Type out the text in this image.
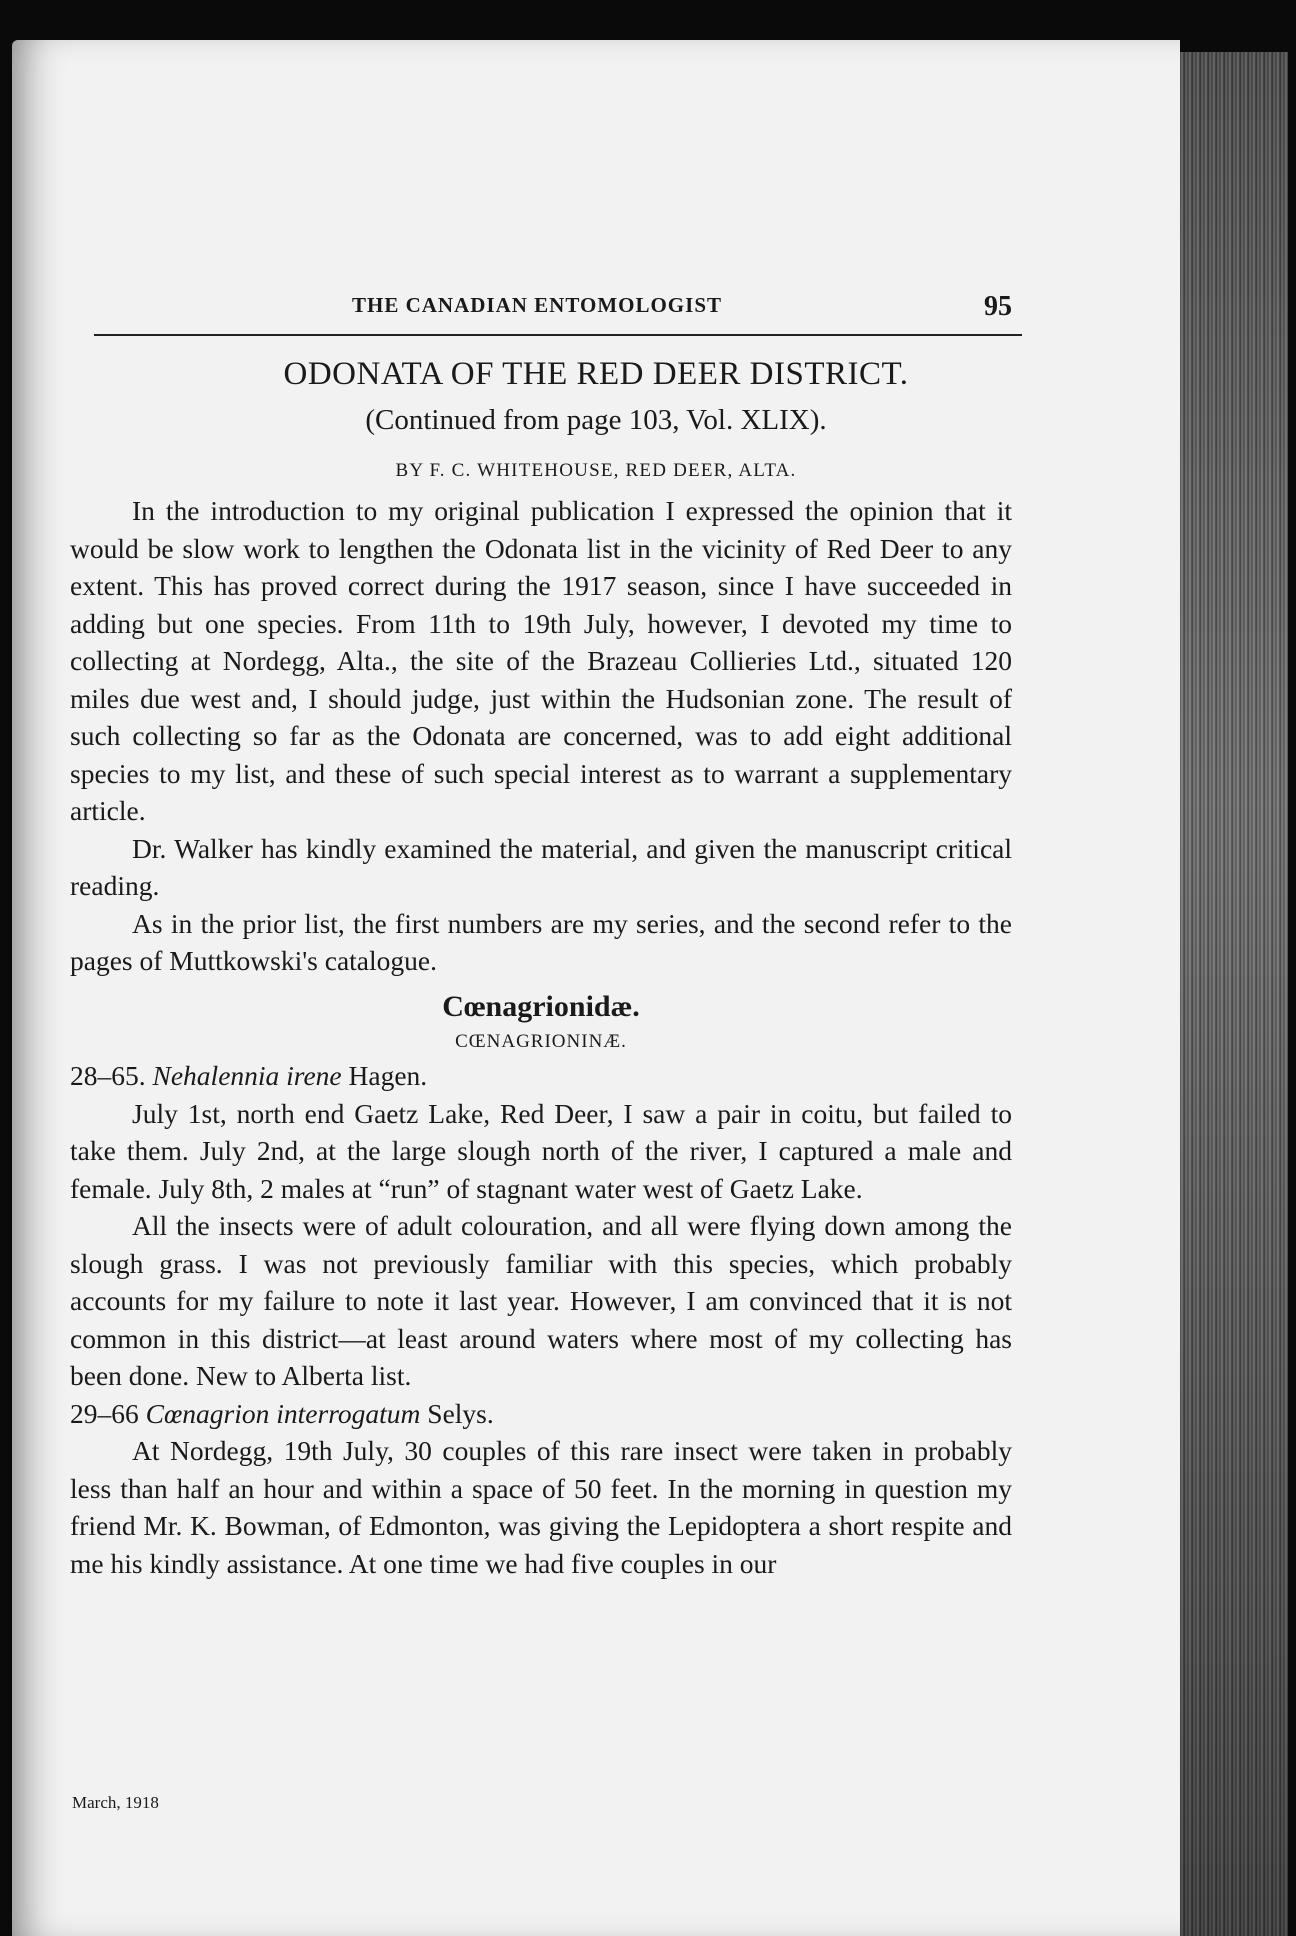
THE CANADIAN ENTOMOLOGIST	95
ODONATA OF THE RED DEER DISTRICT.
(Continued from page 103, Vol. XLIX).
BY F. C. WHITEHOUSE, RED DEER, ALTA.

In the introduction to my original publication I expressed the opinion that it would be slow work to lengthen the Odonata list in the vicinity of Red Deer to any extent. This has proved correct during the 1917 season, since I have succeeded in adding but one species. From 11th to 19th July, however, I devoted my time to collecting at Nordegg, Alta., the site of the Brazeau Collieries Ltd., situated 120 miles due west and, I should judge, just within the Hudsonian zone. The result of such collecting so far as the Odonata are concerned, was to add eight additional species to my list, and these of such special interest as to warrant a supplementary article.

Dr. Walker has kindly examined the material, and given the manuscript critical reading.

As in the prior list, the first numbers are my series, and the second refer to the pages of Muttkowski's catalogue.

Cœnagrionidæ.

CŒNAGRIONINÆ.

28–65. Nehalennia irene Hagen.

July 1st, north end Gaetz Lake, Red Deer, I saw a pair in coitu, but failed to take them. July 2nd, at the large slough north of the river, I captured a male and female. July 8th, 2 males at “run” of stagnant water west of Gaetz Lake.

All the insects were of adult colouration, and all were flying down among the slough grass. I was not previously familiar with this species, which probably accounts for my failure to note it last year. However, I am convinced that it is not common in this district—at least around waters where most of my collecting has been done. New to Alberta list.

29–66 Cœnagrion interrogatum Selys.

At Nordegg, 19th July, 30 couples of this rare insect were taken in probably less than half an hour and within a space of 50 feet. In the morning in question my friend Mr. K. Bowman, of Edmonton, was giving the Lepidoptera a short respite and me his kindly assistance. At one time we had five couples in our

March, 1918
